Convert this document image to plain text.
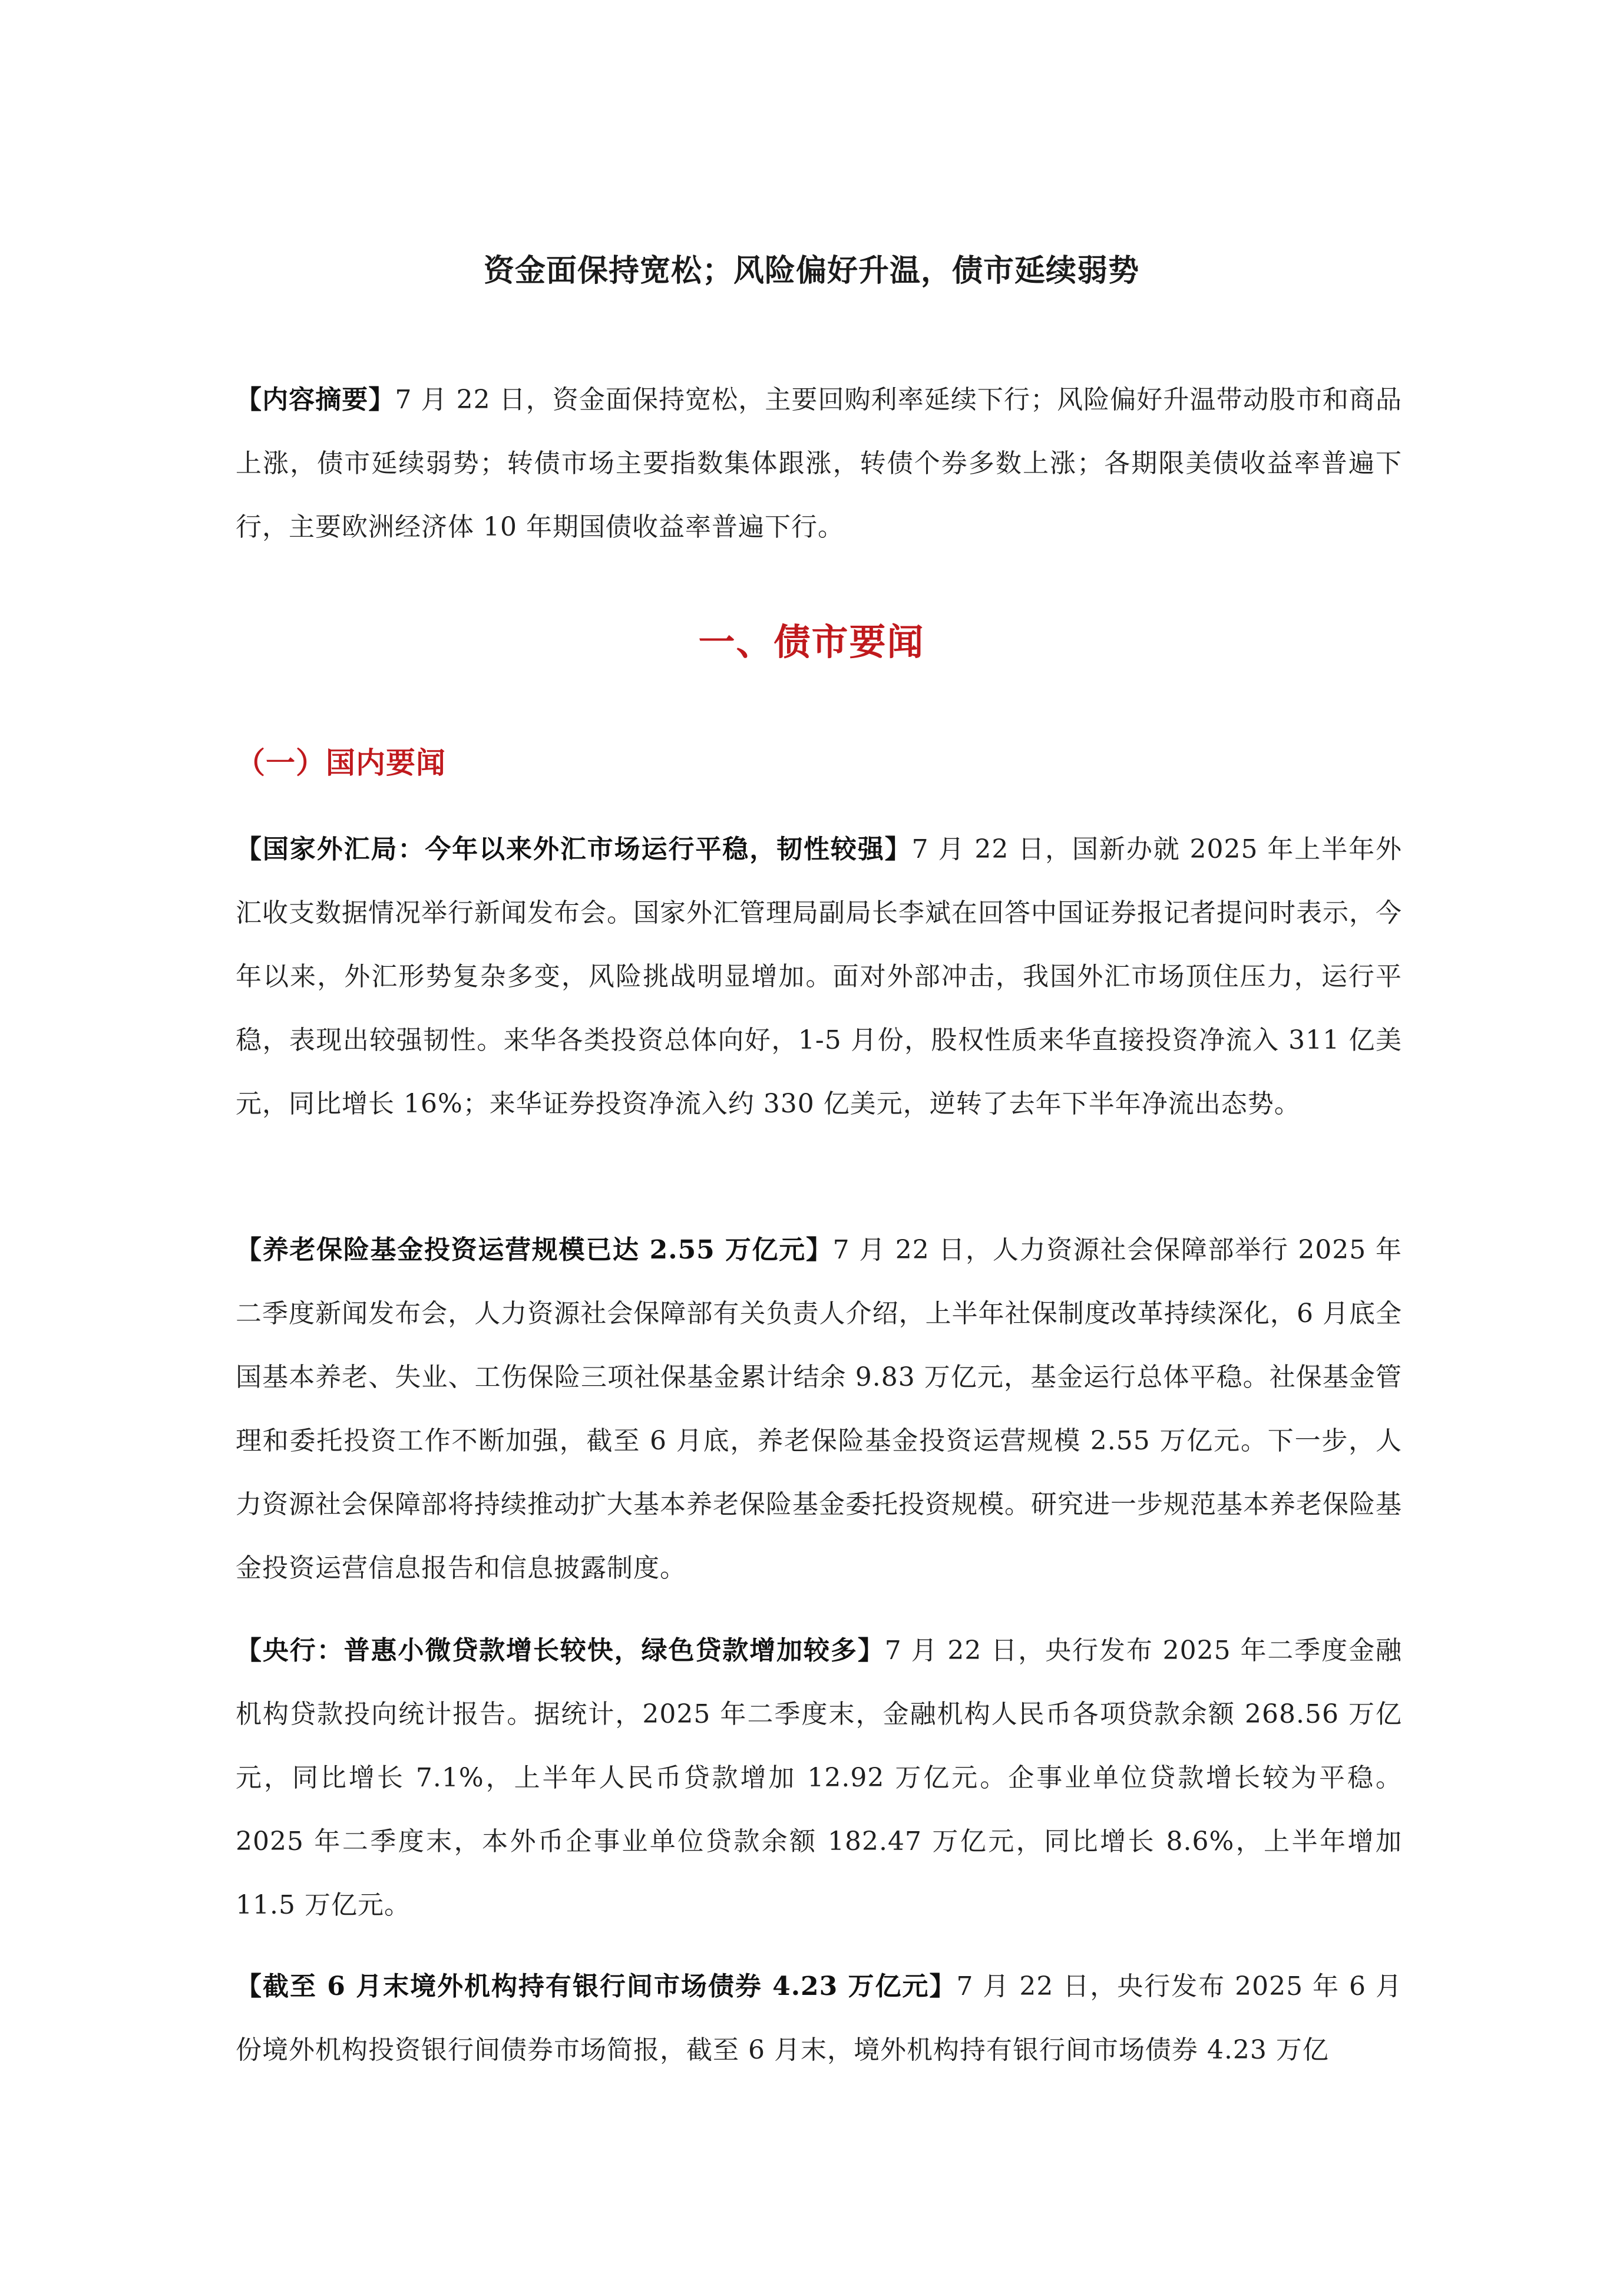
资金面保持宽松；风险偏好升温，债市延续弱势
【内容摘要】7 月 22 日，资金面保持宽松，主要回购利率延续下行；风险偏好升温带动股市和商品上涨，债市延续弱势；转债市场主要指数集体跟涨，转债个券多数上涨；各期限美债收益率普遍下行，主要欧洲经济体 10 年期国债收益率普遍下行。
一、债市要闻
（一）国内要闻
【国家外汇局：今年以来外汇市场运行平稳，韧性较强】7 月 22 日，国新办就 2025 年上半年外汇收支数据情况举行新闻发布会。国家外汇管理局副局长李斌在回答中国证券报记者提问时表示，今年以来，外汇形势复杂多变，风险挑战明显增加。面对外部冲击，我国外汇市场顶住压力，运行平稳，表现出较强韧性。来华各类投资总体向好，1-5 月份，股权性质来华直接投资净流入 311 亿美元，同比增长 16%；来华证券投资净流入约 330 亿美元，逆转了去年下半年净流出态势。
【养老保险基金投资运营规模已达 2.55 万亿元】7 月 22 日，人力资源社会保障部举行 2025 年二季度新闻发布会，人力资源社会保障部有关负责人介绍，上半年社保制度改革持续深化，6 月底全国基本养老、失业、工伤保险三项社保基金累计结余 9.83 万亿元，基金运行总体平稳。社保基金管理和委托投资工作不断加强，截至 6 月底，养老保险基金投资运营规模 2.55 万亿元。下一步，人力资源社会保障部将持续推动扩大基本养老保险基金委托投资规模。研究进一步规范基本养老保险基金投资运营信息报告和信息披露制度。
【央行：普惠小微贷款增长较快，绿色贷款增加较多】7 月 22 日，央行发布 2025 年二季度金融机构贷款投向统计报告。据统计，2025 年二季度末，金融机构人民币各项贷款余额 268.56 万亿元，同比增长 7.1%，上半年人民币贷款增加 12.92 万亿元。企事业单位贷款增长较为平稳。2025 年二季度末，本外币企事业单位贷款余额 182.47 万亿元，同比增长 8.6%，上半年增加 11.5 万亿元。
【截至 6 月末境外机构持有银行间市场债券 4.23 万亿元】7 月 22 日，央行发布 2025 年 6 月份境外机构投资银行间债券市场简报，截至 6 月末，境外机构持有银行间市场债券 4.23 万亿
